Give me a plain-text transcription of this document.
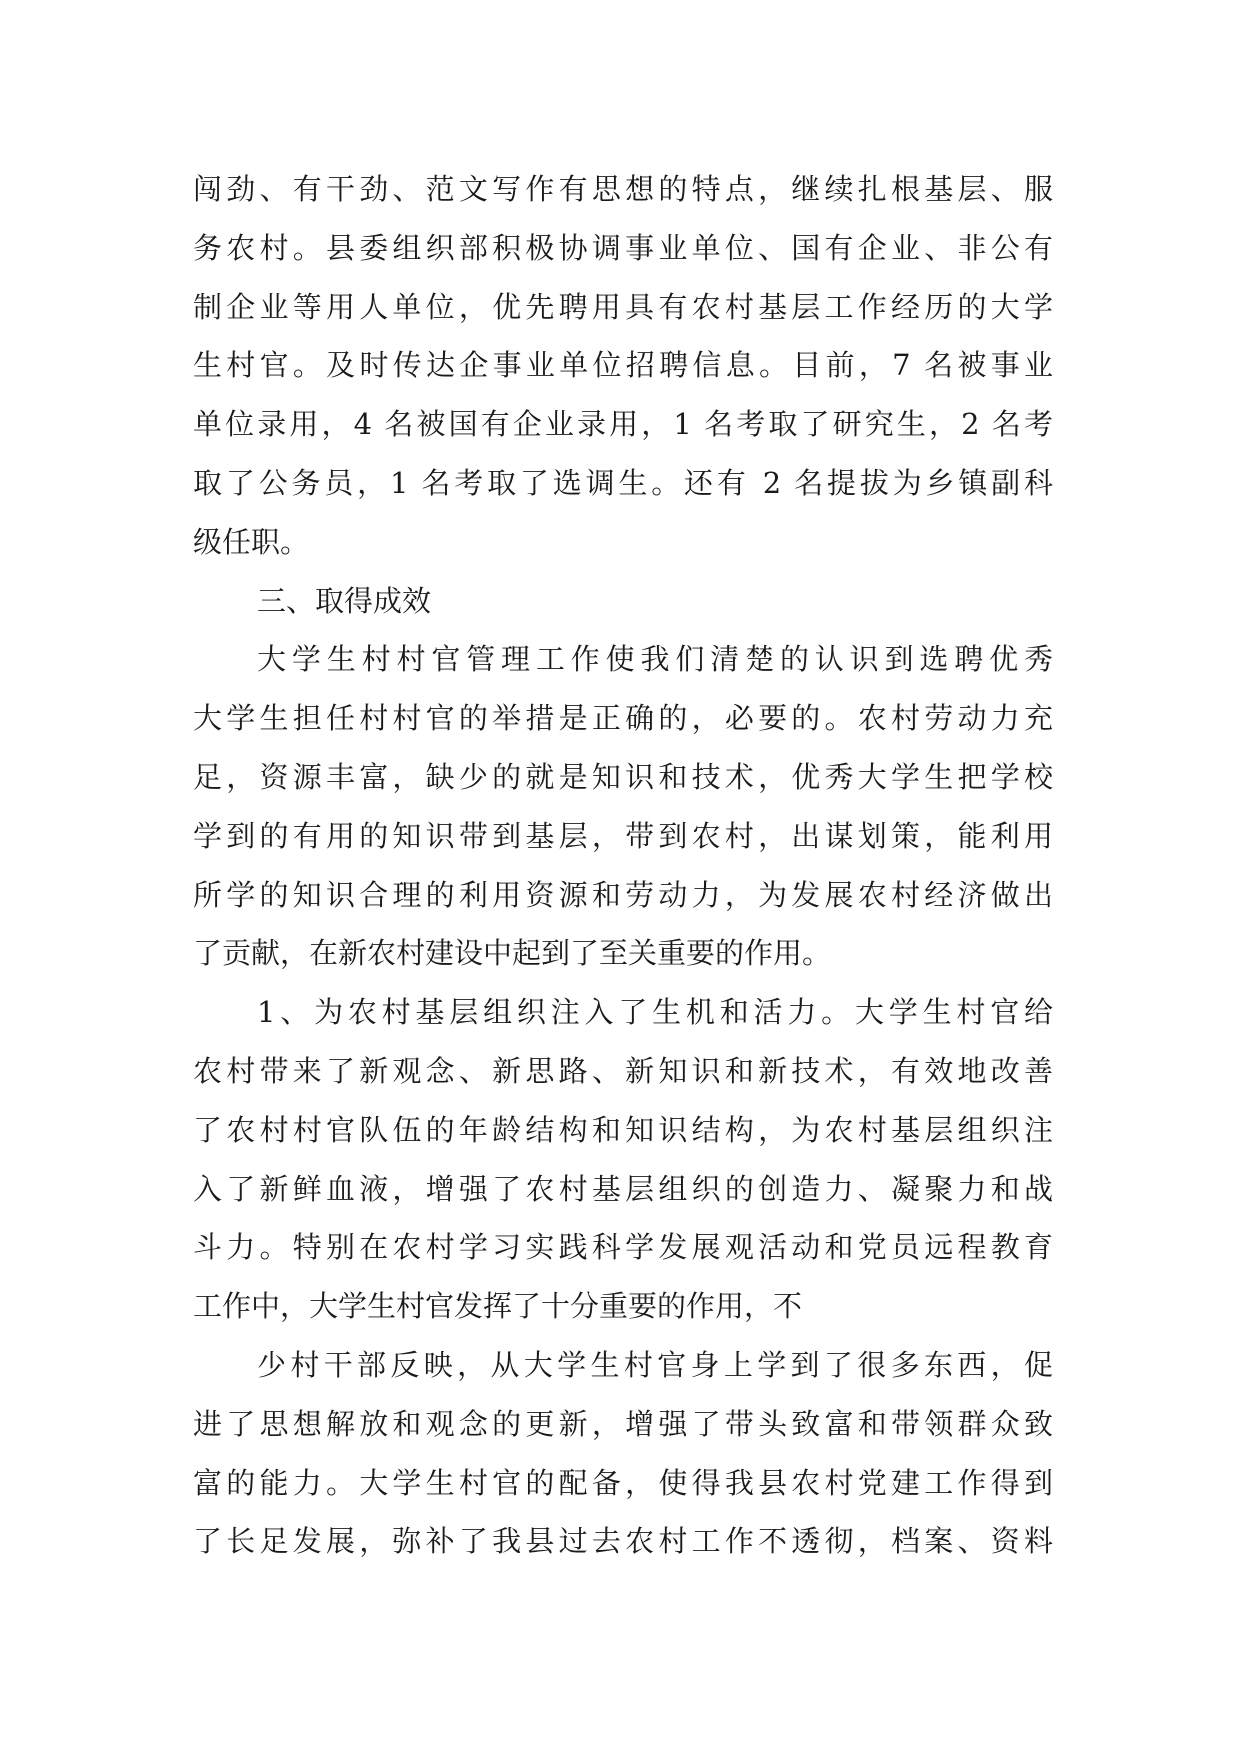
闯劲、有干劲、范文写作有思想的特点，继续扎根基层、服
务农村。县委组织部积极协调事业单位、国有企业、非公有
制企业等用人单位，优先聘用具有农村基层工作经历的大学
生村官。及时传达企事业单位招聘信息。目前，7 名被事业
单位录用，4 名被国有企业录用，1 名考取了研究生，2 名考
取了公务员，1 名考取了选调生。还有 2 名提拔为乡镇副科
级任职。
三、取得成效
大学生村村官管理工作使我们清楚的认识到选聘优秀
大学生担任村村官的举措是正确的，必要的。农村劳动力充
足，资源丰富，缺少的就是知识和技术，优秀大学生把学校
学到的有用的知识带到基层，带到农村，出谋划策，能利用
所学的知识合理的利用资源和劳动力，为发展农村经济做出
了贡献，在新农村建设中起到了至关重要的作用。
1、为农村基层组织注入了生机和活力。大学生村官给
农村带来了新观念、新思路、新知识和新技术，有效地改善
了农村村官队伍的年龄结构和知识结构，为农村基层组织注
入了新鲜血液，增强了农村基层组织的创造力、凝聚力和战
斗力。特别在农村学习实践科学发展观活动和党员远程教育
工作中，大学生村官发挥了十分重要的作用，不
少村干部反映，从大学生村官身上学到了很多东西，促
进了思想解放和观念的更新，增强了带头致富和带领群众致
富的能力。大学生村官的配备，使得我县农村党建工作得到
了长足发展，弥补了我县过去农村工作不透彻，档案、资料
